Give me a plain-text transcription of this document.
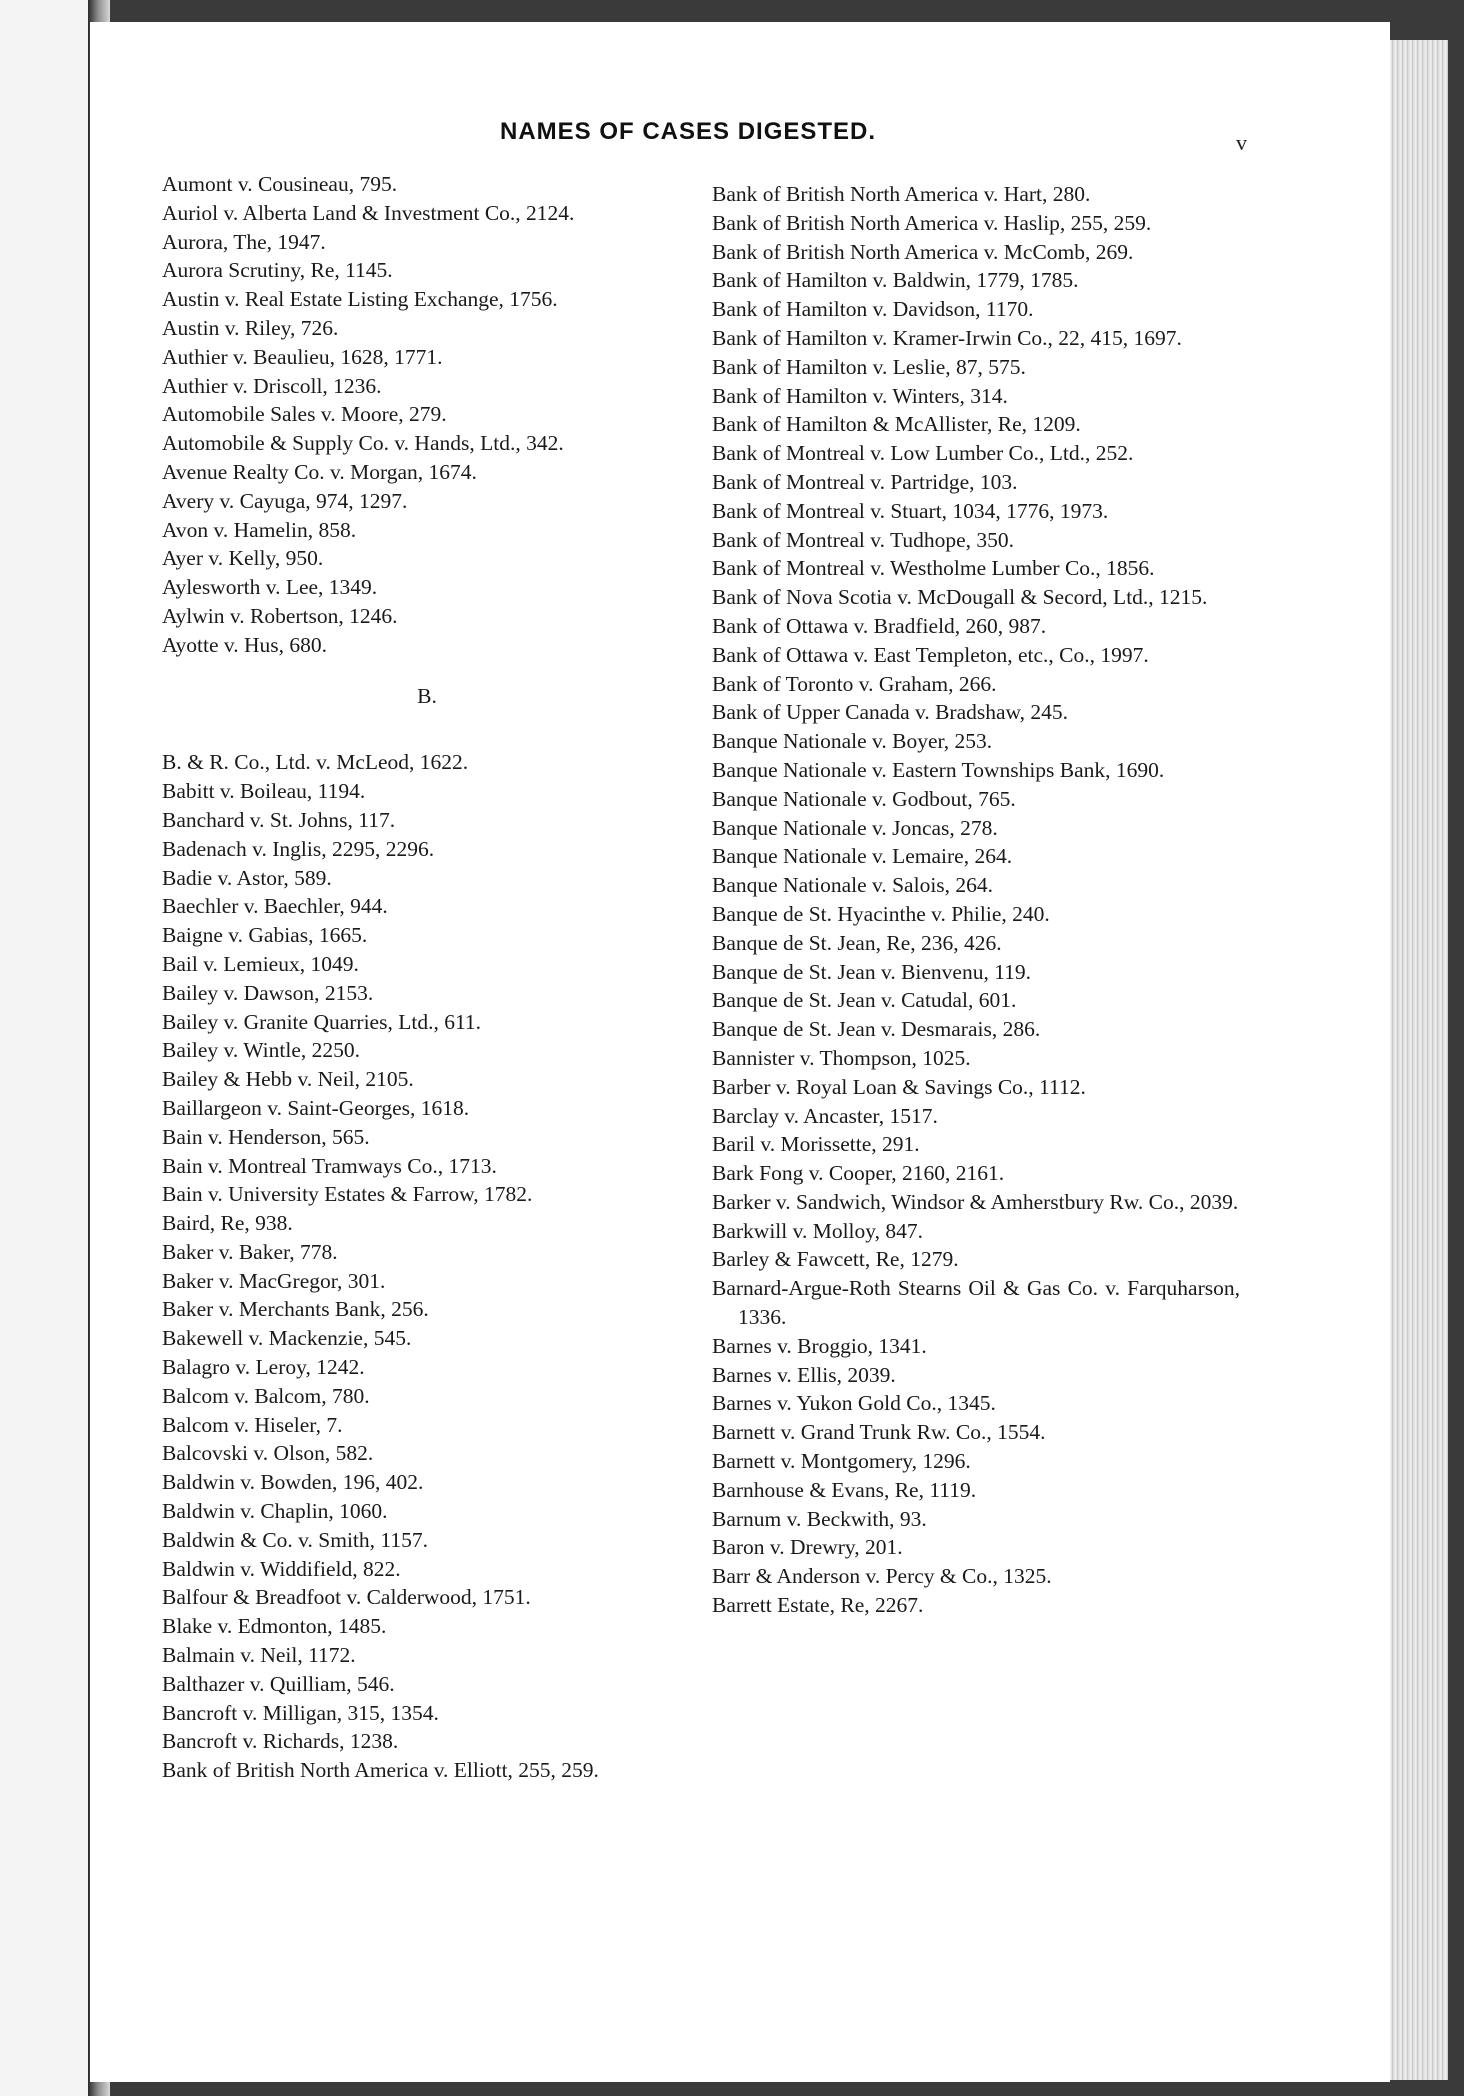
NAMES OF CASES DIGESTED.	v
Aumont v. Cousineau, 795.
Auriol v. Alberta Land & Investment Co., 2124.
Aurora, The, 1947.
Aurora Scrutiny, Re, 1145.
Austin v. Real Estate Listing Exchange, 1756.
Austin v. Riley, 726.
Authier v. Beaulieu, 1628, 1771.
Authier v. Driscoll, 1236.
Automobile Sales v. Moore, 279.
Automobile & Supply Co. v. Hands, Ltd., 342.
Avenue Realty Co. v. Morgan, 1674.
Avery v. Cayuga, 974, 1297.
Avon v. Hamelin, 858.
Ayer v. Kelly, 950.
Aylesworth v. Lee, 1349.
Aylwin v. Robertson, 1246.
Ayotte v. Hus, 680.
B.
B. & R. Co., Ltd. v. McLeod, 1622.
Babitt v. Boileau, 1194.
Banchard v. St. Johns, 117.
Badenach v. Inglis, 2295, 2296.
Badie v. Astor, 589.
Baechler v. Baechler, 944.
Baigne v. Gabias, 1665.
Bail v. Lemieux, 1049.
Bailey v. Dawson, 2153.
Bailey v. Granite Quarries, Ltd., 611.
Bailey v. Wintle, 2250.
Bailey & Hebb v. Neil, 2105.
Baillargeon v. Saint-Georges, 1618.
Bain v. Henderson, 565.
Bain v. Montreal Tramways Co., 1713.
Bain v. University Estates & Farrow, 1782.
Baird, Re, 938.
Baker v. Baker, 778.
Baker v. MacGregor, 301.
Baker v. Merchants Bank, 256.
Bakewell v. Mackenzie, 545.
Balagro v. Leroy, 1242.
Balcom v. Balcom, 780.
Balcom v. Hiseler, 7.
Balcovski v. Olson, 582.
Baldwin v. Bowden, 196, 402.
Baldwin v. Chaplin, 1060.
Baldwin & Co. v. Smith, 1157.
Baldwin v. Widdifield, 822.
Balfour & Breadfoot v. Calderwood, 1751.
Blake v. Edmonton, 1485.
Balmain v. Neil, 1172.
Balthazer v. Quilliam, 546.
Bancroft v. Milligan, 315, 1354.
Bancroft v. Richards, 1238.
Bank of British North America v. Elliott, 255, 259.
Bank of British North America v. Hart, 280.
Bank of British North America v. Haslip, 255, 259.
Bank of British North America v. McComb, 269.
Bank of Hamilton v. Baldwin, 1779, 1785.
Bank of Hamilton v. Davidson, 1170.
Bank of Hamilton v. Kramer-Irwin Co., 22, 415, 1697.
Bank of Hamilton v. Leslie, 87, 575.
Bank of Hamilton v. Winters, 314.
Bank of Hamilton & McAllister, Re, 1209.
Bank of Montreal v. Low Lumber Co., Ltd., 252.
Bank of Montreal v. Partridge, 103.
Bank of Montreal v. Stuart, 1034, 1776, 1973.
Bank of Montreal v. Tudhope, 350.
Bank of Montreal v. Westholme Lumber Co., 1856.
Bank of Nova Scotia v. McDougall & Secord, Ltd., 1215.
Bank of Ottawa v. Bradfield, 260, 987.
Bank of Ottawa v. East Templeton, etc., Co., 1997.
Bank of Toronto v. Graham, 266.
Bank of Upper Canada v. Bradshaw, 245.
Banque Nationale v. Boyer, 253.
Banque Nationale v. Eastern Townships Bank, 1690.
Banque Nationale v. Godbout, 765.
Banque Nationale v. Joncas, 278.
Banque Nationale v. Lemaire, 264.
Banque Nationale v. Salois, 264.
Banque de St. Hyacinthe v. Philie, 240.
Banque de St. Jean, Re, 236, 426.
Banque de St. Jean v. Bienvenu, 119.
Banque de St. Jean v. Catudal, 601.
Banque de St. Jean v. Desmarais, 286.
Bannister v. Thompson, 1025.
Barber v. Royal Loan & Savings Co., 1112.
Barclay v. Ancaster, 1517.
Baril v. Morissette, 291.
Bark Fong v. Cooper, 2160, 2161.
Barker v. Sandwich, Windsor & Amherstbury Rw. Co., 2039.
Barkwill v. Molloy, 847.
Barley & Fawcett, Re, 1279.
Barnard-Argue-Roth Stearns Oil & Gas Co. v. Farquharson, 1336.
Barnes v. Broggio, 1341.
Barnes v. Ellis, 2039.
Barnes v. Yukon Gold Co., 1345.
Barnett v. Grand Trunk Rw. Co., 1554.
Barnett v. Montgomery, 1296.
Barnhouse & Evans, Re, 1119.
Barnum v. Beckwith, 93.
Baron v. Drewry, 201.
Barr & Anderson v. Percy & Co., 1325.
Barrett Estate, Re, 2267.
